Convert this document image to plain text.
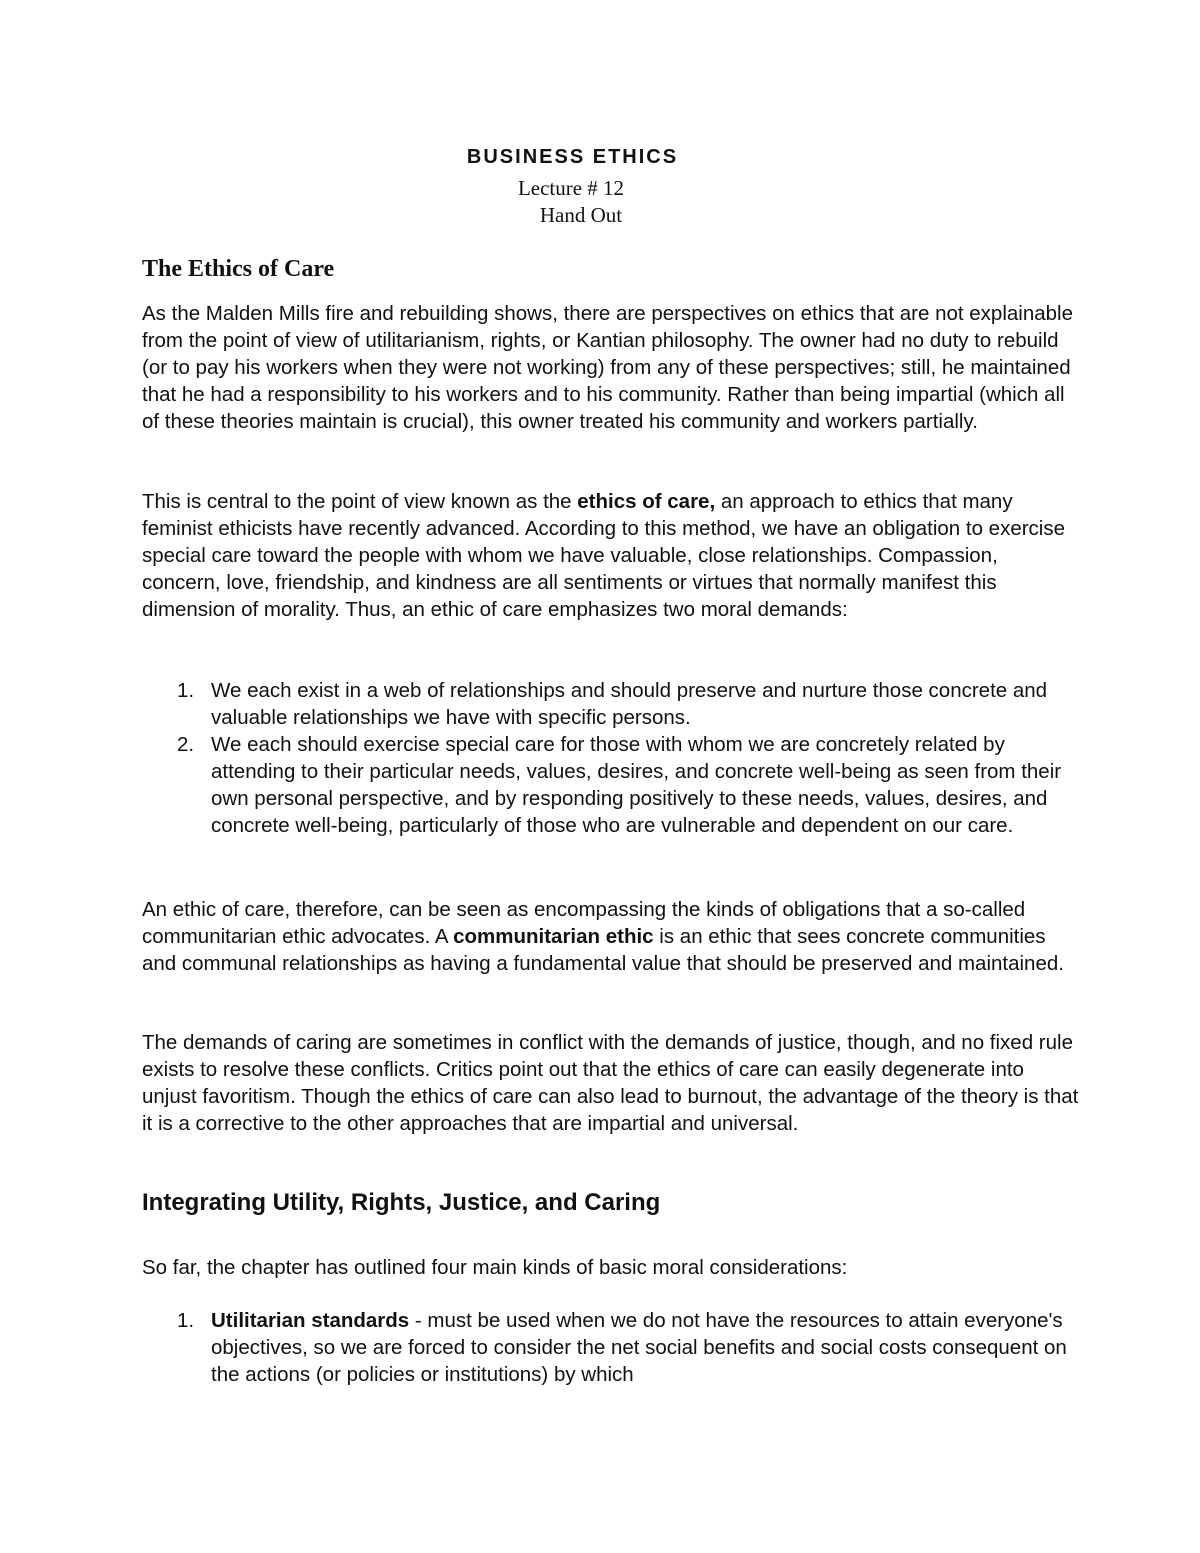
BUSINESS ETHICS

Lecture # 12

Hand Out

The Ethics of Care

As the Malden Mills fire and rebuilding shows, there are perspectives on ethics that are not explainable from the point of view of utilitarianism, rights, or Kantian philosophy. The owner had no duty to rebuild (or to pay his workers when they were not working) from any of these perspectives; still, he maintained that he had a responsibility to his workers and to his community. Rather than being impartial (which all of these theories maintain is crucial), this owner treated his community and workers partially.

This is central to the point of view known as the ethics of care, an approach to ethics that many feminist ethicists have recently advanced. According to this method, we have an obligation to exercise special care toward the people with whom we have valuable, close relationships. Compassion, concern, love, friendship, and kindness are all sentiments or virtues that normally manifest this dimension of morality. Thus, an ethic of care emphasizes two moral demands:

1. We each exist in a web of relationships and should preserve and nurture those concrete and valuable relationships we have with specific persons.
2. We each should exercise special care for those with whom we are concretely related by attending to their particular needs, values, desires, and concrete well-being as seen from their own personal perspective, and by responding positively to these needs, values, desires, and concrete well-being, particularly of those who are vulnerable and dependent on our care.

An ethic of care, therefore, can be seen as encompassing the kinds of obligations that a so-called communitarian ethic advocates. A communitarian ethic is an ethic that sees concrete communities and communal relationships as having a fundamental value that should be preserved and maintained.

The demands of caring are sometimes in conflict with the demands of justice, though, and no fixed rule exists to resolve these conflicts. Critics point out that the ethics of care can easily degenerate into unjust favoritism. Though the ethics of care can also lead to burnout, the advantage of the theory is that it is a corrective to the other approaches that are impartial and universal.

Integrating Utility, Rights, Justice, and Caring

So far, the chapter has outlined four main kinds of basic moral considerations:

1. Utilitarian standards - must be used when we do not have the resources to attain everyone's objectives, so we are forced to consider the net social benefits and social costs consequent on the actions (or policies or institutions) by which
